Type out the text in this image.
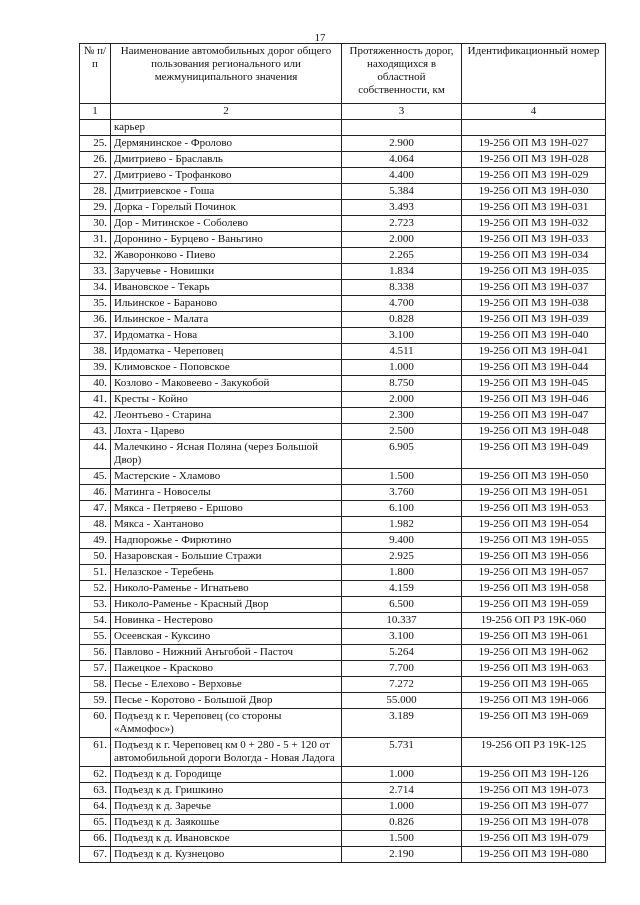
17
№ п/п	Наименование автомобильных дорог общего пользования регионального или межмуниципального значения	Протяженность дорог, находящихся в областной собственности, км	Идентификационный номер
1	2	3	4
	карьер		
25.	Дермянинское - Фролово	2.900	19-256 ОП МЗ 19Н-027
26.	Дмитриево - Браславль	4.064	19-256 ОП МЗ 19Н-028
27.	Дмитриево - Трофанково	4.400	19-256 ОП МЗ 19Н-029
28.	Дмитриевское - Гоша	5.384	19-256 ОП МЗ 19Н-030
29.	Дорка - Горелый Починок	3.493	19-256 ОП МЗ 19Н-031
30.	Дор - Митинское - Соболево	2.723	19-256 ОП МЗ 19Н-032
31.	Доронино - Бурцево - Ваньгино	2.000	19-256 ОП МЗ 19Н-033
32.	Жаворонково - Пиево	2.265	19-256 ОП МЗ 19Н-034
33.	Заручевье - Новишки	1.834	19-256 ОП МЗ 19Н-035
34.	Ивановское - Текарь	8.338	19-256 ОП МЗ 19Н-037
35.	Ильинское - Бараново	4.700	19-256 ОП МЗ 19Н-038
36.	Ильинское - Малата	0.828	19-256 ОП МЗ 19Н-039
37.	Ирдоматка - Нова	3.100	19-256 ОП МЗ 19Н-040
38.	Ирдоматка - Череповец	4.511	19-256 ОП МЗ 19Н-041
39.	Климовское - Поповское	1.000	19-256 ОП МЗ 19Н-044
40.	Козлово - Маковеево - Закукобой	8.750	19-256 ОП МЗ 19Н-045
41.	Кресты - Койно	2.000	19-256 ОП МЗ 19Н-046
42.	Леонтьево - Старина	2.300	19-256 ОП МЗ 19Н-047
43.	Лохта - Царево	2.500	19-256 ОП МЗ 19Н-048
44.	Малечкино - Ясная Поляна (через Большой Двор)	6.905	19-256 ОП МЗ 19Н-049
45.	Мастерские - Хламово	1.500	19-256 ОП МЗ 19Н-050
46.	Матинга - Новоселы	3.760	19-256 ОП МЗ 19Н-051
47.	Мякса - Петряево - Ершово	6.100	19-256 ОП МЗ 19Н-053
48.	Мякса - Хантаново	1.982	19-256 ОП МЗ 19Н-054
49.	Надпорожье - Фирютино	9.400	19-256 ОП МЗ 19Н-055
50.	Назаровская - Большие Стражи	2.925	19-256 ОП МЗ 19Н-056
51.	Нелазское - Теребень	1.800	19-256 ОП МЗ 19Н-057
52.	Николо-Раменье - Игнатьево	4.159	19-256 ОП МЗ 19Н-058
53.	Николо-Раменье - Красный Двор	6.500	19-256 ОП МЗ 19Н-059
54.	Новинка - Нестерово	10.337	19-256 ОП РЗ 19К-060
55.	Осеевская - Куксино	3.100	19-256 ОП МЗ 19Н-061
56.	Павлово - Нижний Анъгобой - Пасточ	5.264	19-256 ОП МЗ 19Н-062
57.	Пажецкое - Красково	7.700	19-256 ОП МЗ 19Н-063
58.	Песье - Елехово - Верховье	7.272	19-256 ОП МЗ 19Н-065
59.	Песье - Коротово - Большой Двор	55.000	19-256 ОП МЗ 19Н-066
60.	Подъезд к г. Череповец (со стороны «Аммофос»)	3.189	19-256 ОП МЗ 19Н-069
61.	Подъезд к г. Череповец км 0 + 280 - 5 + 120 от автомобильной дороги Вологда - Новая Ладога	5.731	19-256 ОП РЗ 19К-125
62.	Подъезд к д. Городище	1.000	19-256 ОП МЗ 19Н-126
63.	Подъезд к д. Гришкино	2.714	19-256 ОП МЗ 19Н-073
64.	Подъезд к д. Заречье	1.000	19-256 ОП МЗ 19Н-077
65.	Подъезд к д. Заякошье	0.826	19-256 ОП МЗ 19Н-078
66.	Подъезд к д. Ивановское	1.500	19-256 ОП МЗ 19Н-079
67.	Подъезд к д. Кузнецово	2.190	19-256 ОП МЗ 19Н-080
